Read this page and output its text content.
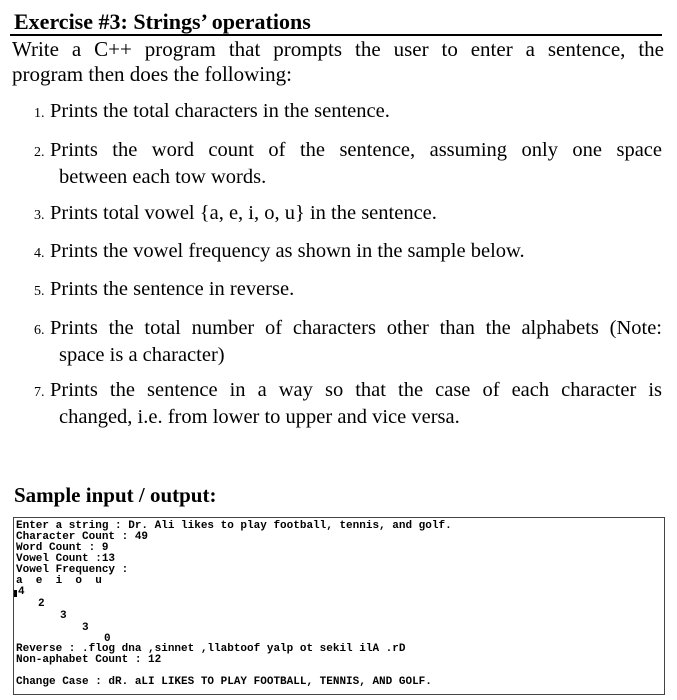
Exercise #3: Strings’ operations
Write a C++ program that prompts the user to enter a sentence, the
program then does the following:
1. Prints the total characters in the sentence.
2. Prints the word count of the sentence, assuming only one space
between each tow words.
3. Prints total vowel {a, e, i, o, u} in the sentence.
4. Prints the vowel frequency as shown in the sample below.
5. Prints the sentence in reverse.
6. Prints the total number of characters other than the alphabets (Note:
space is a character)
7. Prints the sentence in a way so that the case of each character is
changed, i.e. from lower to upper and vice versa.
Sample input / output:
Enter a string : Dr. Ali likes to play football, tennis, and golf.
Character Count : 49
Word Count : 9
Vowel Count :13
Vowel Frequency :
a  e  i  o  u
4
2
3
3
0
Reverse : .flog dna ,sinnet ,llabtoof yalp ot sekil ilA .rD
Non-aphabet Count : 12
Change Case : dR. aLI LIKES TO PLAY FOOTBALL, TENNIS, AND GOLF.
